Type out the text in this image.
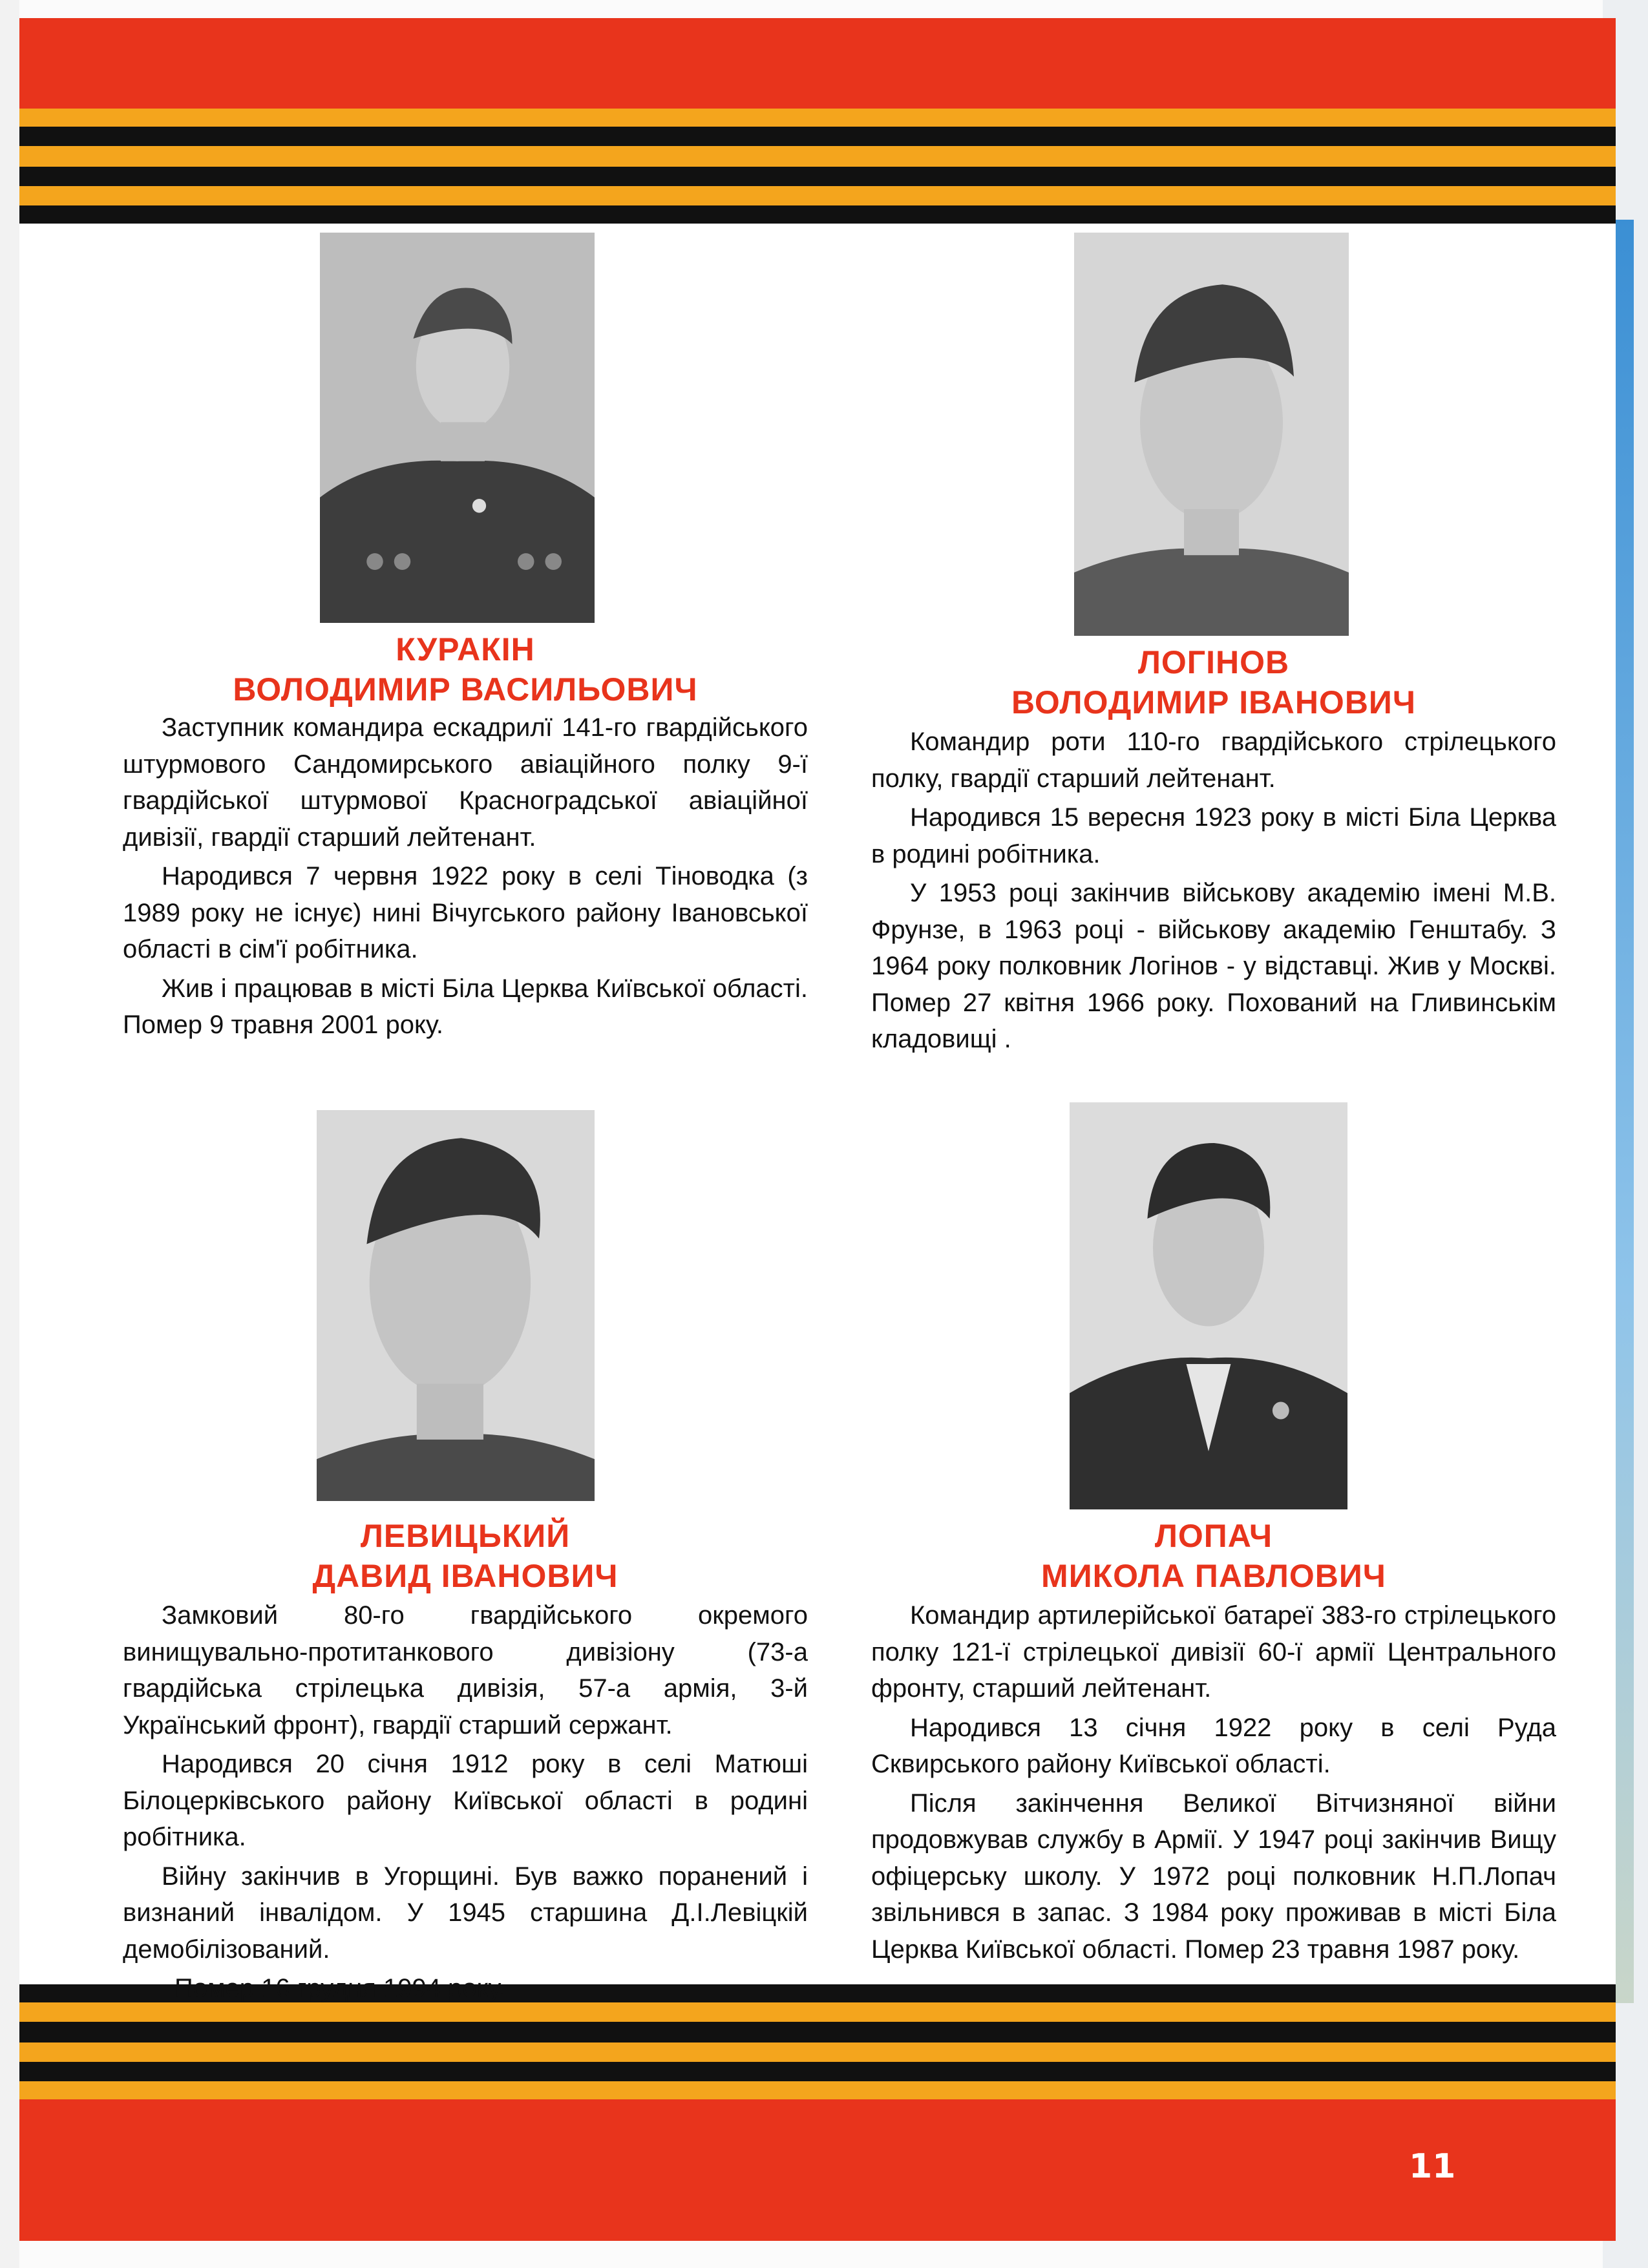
КУРАКІН
ВОЛОДИМИР ВАСИЛЬОВИЧ

Заступник командира ескадрилї 141-го гвардійського штурмового Сандомирського авіаційного полку 9-ї гвардійської штурмової Красноградської авіаційної дивізії, гвардії старший лейтенант.

Народився 7 червня 1922 року в селі Тіноводка (з 1989 року не існує) нині Вічугського району Івановської області в сім'ї робітника.

Жив і працював в місті Біла Церква Київської області. Помер 9 травня 2001 року.

ЛОГІНОВ
ВОЛОДИМИР ІВАНОВИЧ

Командир роти 110-го гвардійського стрілецького полку, гвардії старший лейтенант.

Народився 15 вересня 1923 року в місті Біла Церква в родині робітника.

У 1953 році закінчив військову академію імені М.В. Фрунзе, в 1963 році - військову академію Генштабу. З 1964 року полковник Логінов - у відставці. Жив у Москві. Помер 27 квітня 1966 року. Похований на Гливинськім кладовищі .

ЛЕВИЦЬКИЙ
ДАВИД ІВАНОВИЧ

Замковий 80-го гвардійського окремого винищувально-протитанкового дивізіону (73-а гвардійська стрілецька дивізія, 57-а армія, 3-й Український фронт), гвардії старший сержант.

Народився 20 січня 1912 року в селі Матюші Білоцерківського району Київської області в родині робітника.

Війну закінчив в Угорщині. Був важко поранений і визнаний інвалідом. У 1945 старшина Д.І.Левіцкій демобілізований.

Помер 16 грудня 1994 року.

ЛОПАЧ
МИКОЛА ПАВЛОВИЧ

Командир артилерійської батареї 383-го стрілецького полку 121-ї стрілецької дивізії 60-ї армії Центрального фронту, старший лейтенант.

Народився 13 січня 1922 року в селі Руда Сквирського району Київської області.

Після закінчення Великої Вітчизняної війни продовжував службу в Армії. У 1947 році закінчив Вищу офіцерську школу. У 1972 році полковник Н.П.Лопач звільнився в запас. З 1984 року проживав в місті Біла Церква Київської області. Помер 23 травня 1987 року.

11
